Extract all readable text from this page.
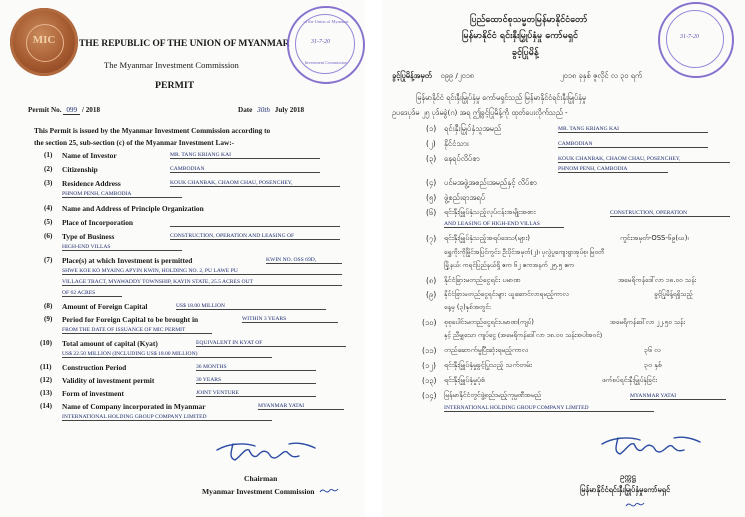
MIC	THE REPUBLIC OF THE UNION OF MYANMAR
The Myanmar Investment Commission
PERMIT
Permit No. 099 / 2018	Date 30th July 2018
This Permit is issued by the Myanmar Investment Commission according to
the section 25, sub-section (c) of the Myanmar Investment Law:-
(1) Name of Investor	MR. TANG KRIANG KAI
(2) Citizenship	CAMBODIAN
(3) Residence Address	KOUK CHANBAK, CHAOM CHAU, POSENCHEY,
PHNOM PENH, CAMBODIA
(4) Name and Address of Principle Organization
(5) Place of Incorporation
(6) Type of Business	CONSTRUCTION, OPERATION AND LEASING OF
HIGH-END VILLAS
(7) Place(s) at which Investment is permitted	KWIN NO. OSS 69D,
SHWE KOE KO MYAING APYIN KWIN, HOLDING NO. 2, PU LAWE PU
VILLAGE TRACT, MYAWADDY TOWNSHIP, KAYIN STATE, 25.5 ACRES OUT
OF 62 ACRES
(8) Amount of Foreign Capital	US$ 18.00 MILLION
(9) Period for Foreign Capital to be brought in	WITHIN 3 YEARS
FROM THE DATE OF ISSUANCE OF MIC PERMIT
(10) Total amount of capital (Kyat)	EQUIVALENT IN KYAT OF
US$ 22.50 MILLION (INCLUDING US$ 18.00 MILLION)
(11) Construction Period	36 MONTHS
(12) Validity of investment permit	30 YEARS
(13) Form of investment	JOINT VENTURE
(14) Name of Company incorporated in Myanmar	MYANMAR YATAI
INTERNATIONAL HOLDING GROUP COMPANY LIMITED
Chairman
Myanmar Investment Commission
of the Union of Myanmar
31-7-20
Investment Commission
ပြည်ထောင်စုသမ္မတမြန်မာနိုင်ငံတော်
မြန်မာနိုင်ငံ ရင်းနှီးမြှုပ်နှံမှု ကော်မရှင်
ခွင့်ပြုမိန့်
31-7-20
ခွင့်ပြုမိန့်အမှတ် ၀၉၉ /၂၀၁၈	၂၀၁၈ ခုနှစ် ဇူလိုင် လ ၃၀ ရက်
မြန်မာနိုင်ငံ ရင်းနှီးမြှုပ်နှံမှု ကော်မရှင်သည် မြန်မာနိုင်ငံရင်းနှီးမြှုပ်နှံမှု
ဥပဒေပုဒ်မ ၂၅ ပုဒ်မခွဲ(ဂ) အရ ဤခွင့်ပြုမိန့်ကို ထုတ်ပေးလိုက်သည် -
(၁) ရင်းနှီးမြှုပ်နှံသူအမည်	MR. TANG KRIANG KAI
(၂) နိုင်ငံသား	CAMBODIAN
(၃) နေရပ်လိပ်စာ	KOUK CHANBAK, CHAOM CHAU, POSENCHEY,
PHNOM PENH, CAMBODIA
(၄) ပင်မအဖွဲ့အစည်းအမည်နှင့် လိပ်စာ
(၅) ဖွဲ့စည်းရာအရပ်
(၆) ရင်းနှီးမြှုပ်နှံသည့်လုပ်ငန်းအမျိုးအစား	CONSTRUCTION, OPERATION
AND LEASING OF HIGH-END VILLAS
(၇) ရင်းနှီးမြှုပ်နှံသည့်အရပ်ဒေသ(များ)	ကွင်းအမှတ်-OSS-၆၉(ဃ)၊
ရွှေကိုးကိုမြိုင်အပြင်ကွင်း၊ ဦးပိုင်အမှတ်(၂)၊ ပုလွဲပူကျေးရွာအုပ်စု၊ မြဝတီ
မြို့နယ်၊ ကရင်ပြည်နယ်ရှိ ဧက ၆၂ ဧကအနက် ၂၅.၅ ဧက
(၈) နိုင်ငံခြားမတည်ငွေရင်း ပမာဏ	အမေရိကန်ဒေါ်လာ ၁၈.၀၀ သန်း
(၉) နိုင်ငံခြားမတည်ငွေရင်းများ ယူဆောင်လာရမည့်ကာလ	ခွင့်ပြုမိန့်ရရှိသည့်
နေ့မှ (၃)နှစ်အတွင်း
(၁၀) စုစုပေါင်းမတည်ငွေရင်းပမာဏ(ကျပ်)	အမေရိကန်ဒေါ်လာ ၂၂.၅၀ သန်း
နှင့် ညီမျှသော ကျပ်ငွေ (အမေရိကန်ဒေါ်လာ ၁၈.၀၀ သန်းအပါအဝင်)
(၁၁) တည်ဆောက်မှုပြီးဆုံးရမည့်ကာလ	၃၆ လ
(၁၂) ရင်းနှီးမြှုပ်နှံမှုခွင့်ပြုသည့် သက်တမ်း	၃၀ နှစ်
(၁၃) ရင်းနှီးမြှုပ်နှံမှုပုံစံ	ဖက်စပ်ရင်းနှီးမြှုပ်နှံခြင်း
(၁၄) မြန်မာနိုင်ငံတွင်ဖွဲ့စည်းမည့်ကုမ္ပဏီအမည်	MYANMAR YATAI
INTERNATIONAL HOLDING GROUP COMPANY LIMITED
ဥက္ကဋ္ဌ
မြန်မာနိုင်ငံရင်းနှီးမြှုပ်နှံမှုကော်မရှင်
